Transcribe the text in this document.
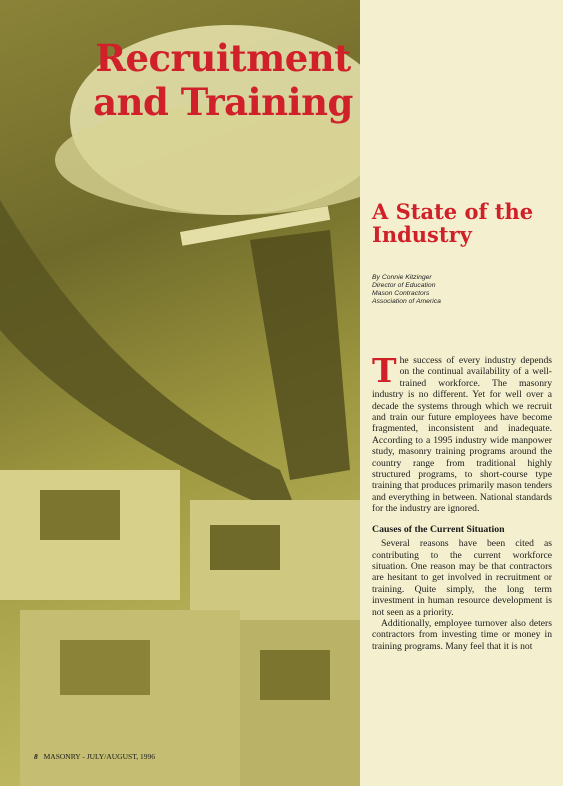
Recruitment and Training
A State of the Industry
By Connie Kitzinger
Director of Education
Mason Contractors
Association of America

The success of every industry depends on the continual availability of a well-trained workforce. The masonry industry is no different. Yet for well over a decade the systems through which we recruit and train our future employees have become fragmented, inconsistent and inadequate. According to a 1995 industry wide manpower study, masonry training programs around the country range from traditional highly structured programs, to short-course type training that produces primarily mason tenders and everything in between. National standards for the industry are ignored.

Causes of the Current Situation

Several reasons have been cited as contributing to the current workforce situation. One reason may be that contractors are hesitant to get involved in recruitment or training. Quite simply, the long term investment in human resource development is not seen as a priority.

Additionally, employee turnover also deters contractors from investing time or money in training programs. Many feel that it is not

8 MASONRY - JULY/AUGUST, 1996
